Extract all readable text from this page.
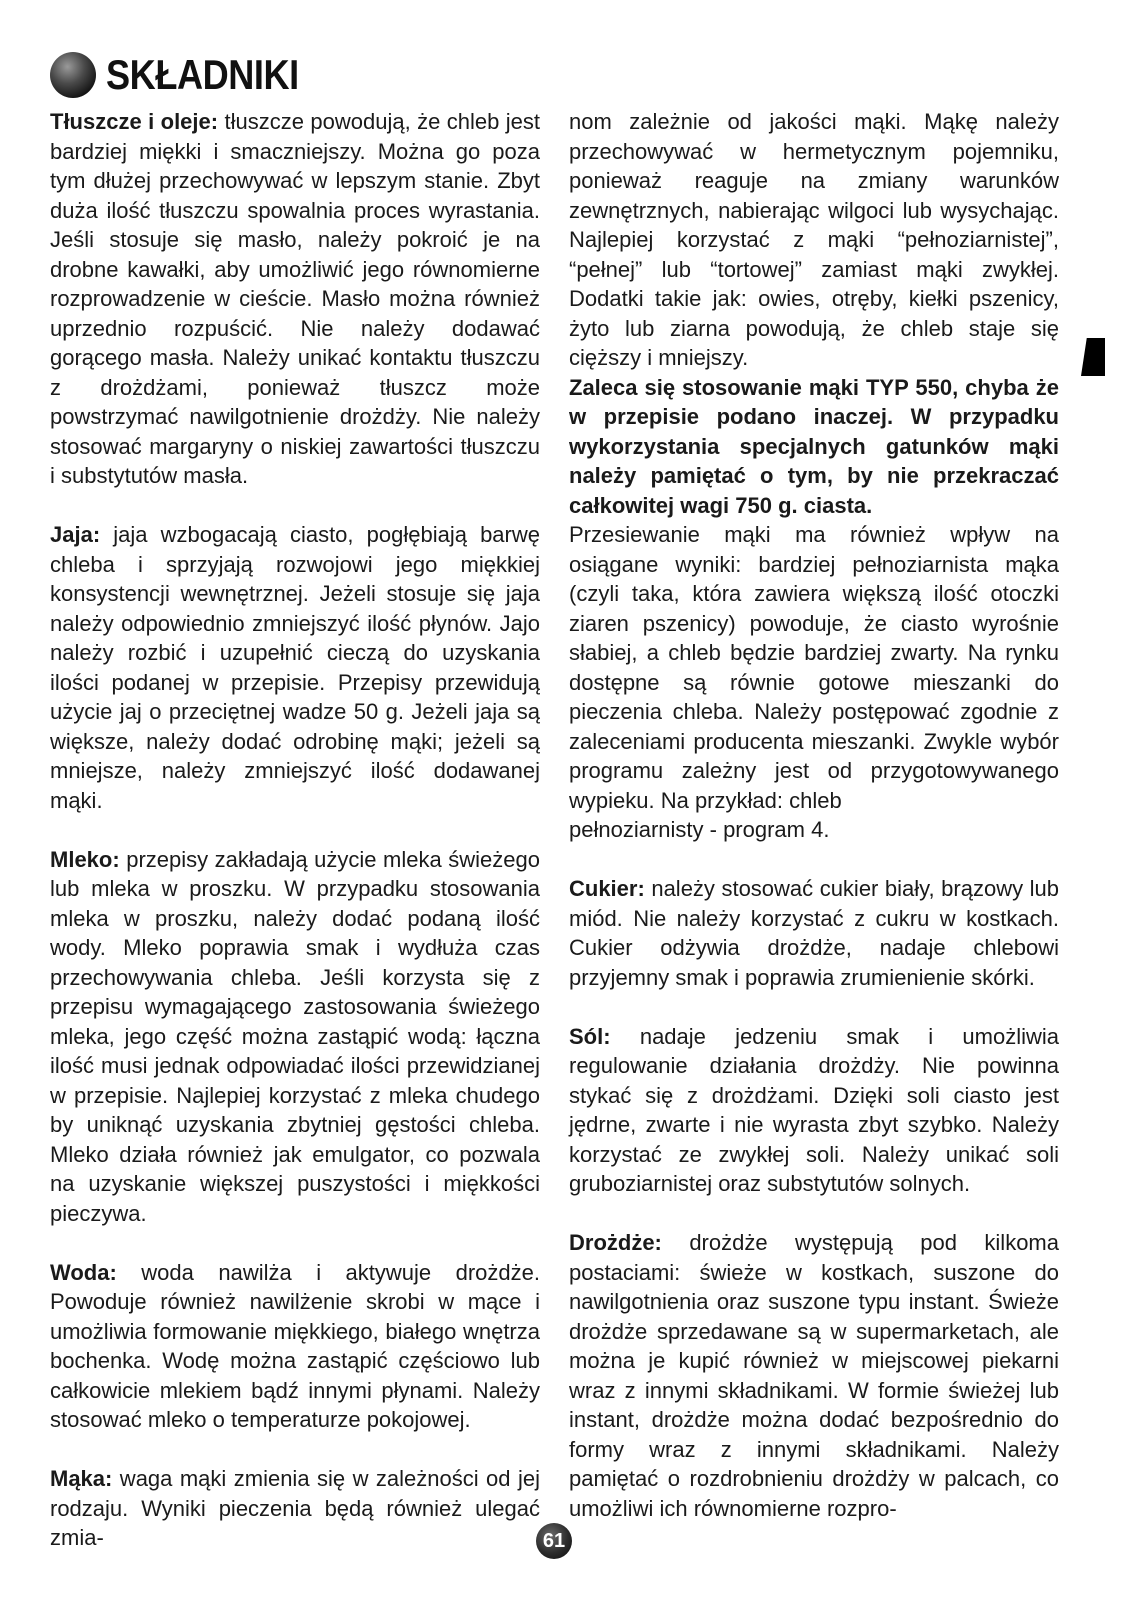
SKŁADNIKI

Tłuszcze i oleje: tłuszcze powodują, że chleb jest bardziej miękki i smaczniejszy. Można go poza tym dłużej przechowywać w lepszym stanie. Zbyt duża ilość tłuszczu spowalnia proces wyrastania. Jeśli stosuje się masło, należy pokroić je na drobne kawałki, aby umożliwić jego równomierne rozprowadzenie w cieście. Masło można również uprzednio rozpuścić. Nie należy dodawać gorącego masła. Należy unikać kontaktu tłuszczu z drożdżami, ponieważ tłuszcz może powstrzymać nawilgotnienie drożdży. Nie należy stosować margaryny o niskiej zawartości tłuszczu i substytutów masła.

Jaja: jaja wzbogacają ciasto, pogłębiają barwę chleba i sprzyjają rozwojowi jego miękkiej konsystencji wewnętrznej. Jeżeli stosuje się jaja należy odpowiednio zmniejszyć ilość płynów. Jajo należy rozbić i uzupełnić cieczą do uzyskania ilości podanej w przepisie. Przepisy przewidują użycie jaj o przeciętnej wadze 50 g. Jeżeli jaja są większe, należy dodać odrobinę mąki; jeżeli są mniejsze, należy zmniejszyć ilość dodawanej mąki.

Mleko: przepisy zakładają użycie mleka świeżego lub mleka w proszku. W przypadku stosowania mleka w proszku, należy dodać podaną ilość wody. Mleko poprawia smak i wydłuża czas przechowywania chleba. Jeśli korzysta się z przepisu wymagającego zastosowania świeżego mleka, jego część można zastąpić wodą: łączna ilość musi jednak odpowiadać ilości przewidzianej w przepisie. Najlepiej korzystać z mleka chudego by uniknąć uzyskania zbytniej gęstości chleba. Mleko działa również jak emulgator, co pozwala na uzyskanie większej puszystości i miękkości pieczywa.

Woda: woda nawilża i aktywuje drożdże. Powoduje również nawilżenie skrobi w mące i umożliwia formowanie miękkiego, białego wnętrza bochenka. Wodę można zastąpić częściowo lub całkowicie mlekiem bądź innymi płynami. Należy stosować mleko o temperaturze pokojowej.

Mąka: waga mąki zmienia się w zależności od jej rodzaju. Wyniki pieczenia będą również ulegać zmia-

nom zależnie od jakości mąki. Mąkę należy przechowywać w hermetycznym pojemniku, ponieważ reaguje na zmiany warunków zewnętrznych, nabierając wilgoci lub wysychając. Najlepiej korzystać z mąki “pełnoziarnistej”, “pełnej” lub “tortowej” zamiast mąki zwykłej. Dodatki takie jak: owies, otręby, kiełki pszenicy, żyto lub ziarna powodują, że chleb staje się cięższy i mniejszy.

Zaleca się stosowanie mąki TYP 550, chyba że w przepisie podano inaczej. W przypadku wykorzystania specjalnych gatunków mąki należy pamiętać o tym, by nie przekraczać całkowitej wagi 750 g. ciasta.

Przesiewanie mąki ma również wpływ na osiągane wyniki: bardziej pełnoziarnista mąka (czyli taka, która zawiera większą ilość otoczki ziaren pszenicy) powoduje, że ciasto wyrośnie słabiej, a chleb będzie bardziej zwarty. Na rynku dostępne są równie gotowe mieszanki do pieczenia chleba. Należy postępować zgodnie z zaleceniami producenta mieszanki. Zwykle wybór programu zależny jest od przygotowywanego wypieku. Na przykład: chleb

pełnoziarnisty - program 4.

Cukier: należy stosować cukier biały, brązowy lub miód. Nie należy korzystać z cukru w kostkach. Cukier odżywia drożdże, nadaje chlebowi przyjemny smak i poprawia zrumienienie skórki.

Sól: nadaje jedzeniu smak i umożliwia regulowanie działania drożdży. Nie powinna stykać się z drożdżami. Dzięki soli ciasto jest jędrne, zwarte i nie wyrasta zbyt szybko. Należy korzystać ze zwykłej soli. Należy unikać soli gruboziarnistej oraz substytutów solnych.

Drożdże: drożdże występują pod kilkoma postaciami: świeże w kostkach, suszone do nawilgotnienia oraz suszone typu instant. Świeże drożdże sprzedawane są w supermarketach, ale można je kupić również w miejscowej piekarni wraz z innymi składnikami. W formie świeżej lub instant, drożdże można dodać bezpośrednio do formy wraz z innymi składnikami. Należy pamiętać o rozdrobnieniu drożdży w palcach, co umożliwi ich równomierne rozpro-

61
